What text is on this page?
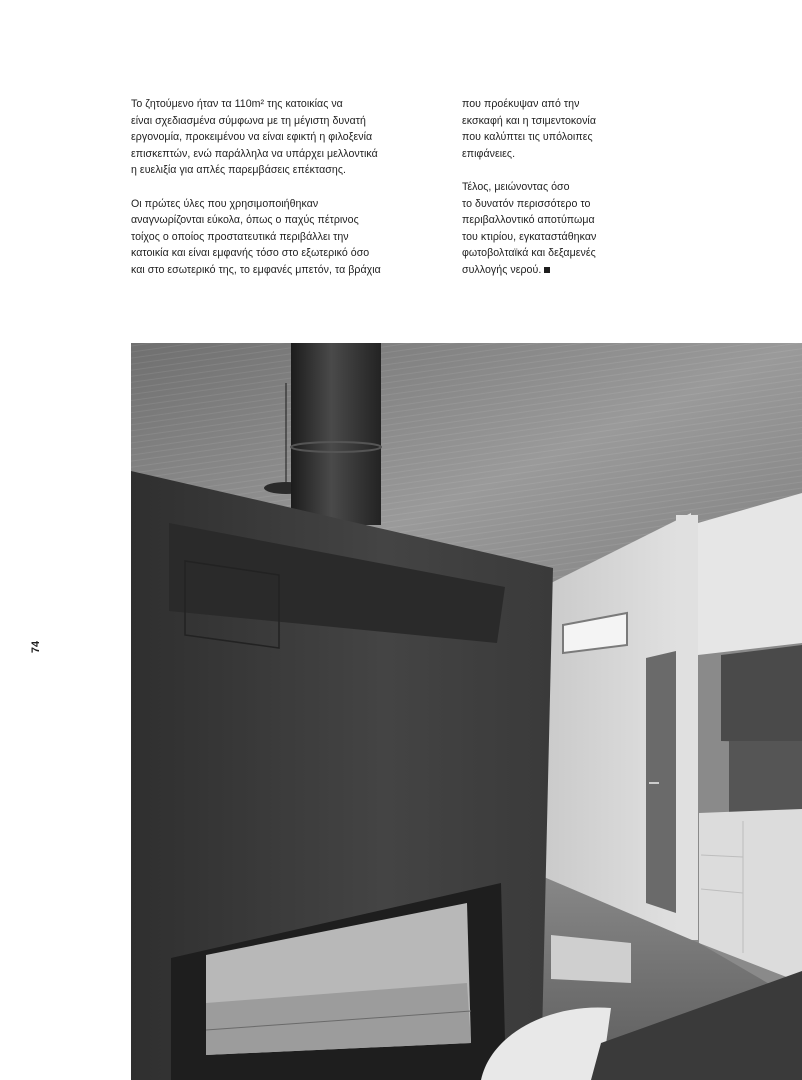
Το ζητούμενο ήταν τα 110m² της κατοικίας να
είναι σχεδιασμένα σύμφωνα με τη μέγιστη δυνατή
εργονομία, προκειμένου να είναι εφικτή η φιλοξενία
επισκεπτών, ενώ παράλληλα να υπάρχει μελλοντικά
η ευελιξία για απλές παρεμβάσεις επέκτασης.

Οι πρώτες ύλες που χρησιμοποιήθηκαν
αναγνωρίζονται εύκολα, όπως ο παχύς πέτρινος
τοίχος ο οποίος προστατευτικά περιβάλλει την
κατοικία και είναι εμφανής τόσο στο εξωτερικό όσο
και στο εσωτερικό της, το εμφανές μπετόν, τα βράχια

που προέκυψαν από την
εκσκαφή και η τσιμεντοκονία
που καλύπτει τις υπόλοιπες
επιφάνειες.

Τέλος, μειώνοντας όσο
το δυνατόν περισσότερο το
περιβαλλοντικό αποτύπωμα
του κτιρίου, εγκαταστάθηκαν
φωτοβολταϊκά και δεξαμενές
συλλογής νερού.

74
